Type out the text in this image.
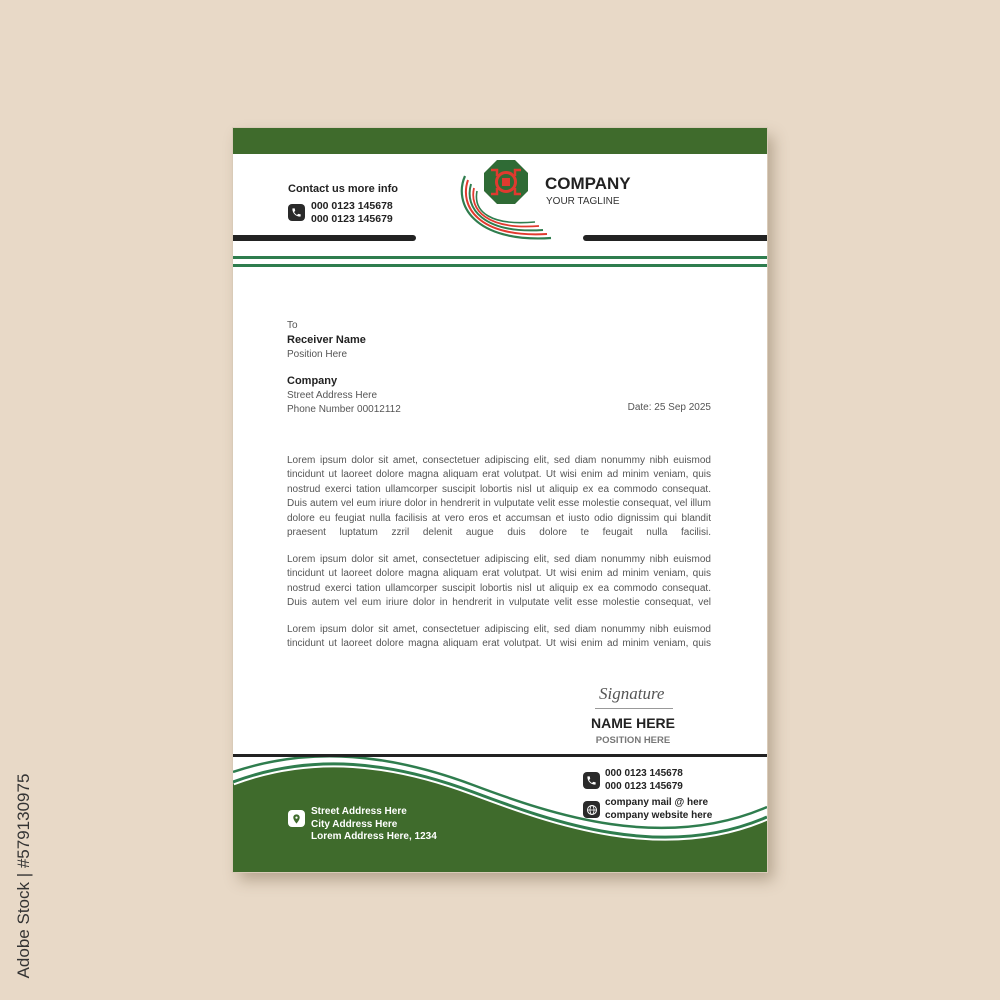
Adobe Stock | #579130975
Contact us more info
000 0123 145678
000 0123 145679
COMPANY
YOUR TAGLINE
To
Receiver Name
Position Here
Company
Street Address Here
Phone Number 00012112	Date: 25 Sep 2025
Lorem ipsum dolor sit amet, consectetuer adipiscing elit, sed diam nonummy nibh euismod tincidunt ut laoreet dolore magna aliquam erat volutpat. Ut wisi enim ad minim veniam, quis nostrud exerci tation ullamcorper suscipit lobortis nisl ut aliquip ex ea commodo consequat. Duis autem vel eum iriure dolor in hendrerit in vulputate velit esse molestie consequat, vel illum dolore eu feugiat nulla facilisis at vero eros et accumsan et iusto odio dignissim qui blandit praesent luptatum zzril delenit augue duis dolore te feugait nulla facilisi.
Lorem ipsum dolor sit amet, consectetuer adipiscing elit, sed diam nonummy nibh euismod tincidunt ut laoreet dolore magna aliquam erat volutpat. Ut wisi enim ad minim veniam, quis nostrud exerci tation ullamcorper suscipit lobortis nisl ut aliquip ex ea commodo consequat. Duis autem vel eum iriure dolor in hendrerit in vulputate velit esse molestie consequat, vel
Lorem ipsum dolor sit amet, consectetuer adipiscing elit, sed diam nonummy nibh euismod tincidunt ut laoreet dolore magna aliquam erat volutpat. Ut wisi enim ad minim veniam, quis
Signature
NAME HERE
POSITION HERE
Street Address Here
City Address Here
Lorem Address Here, 1234
000 0123 145678
000 0123 145679
company mail @ here
company website here
